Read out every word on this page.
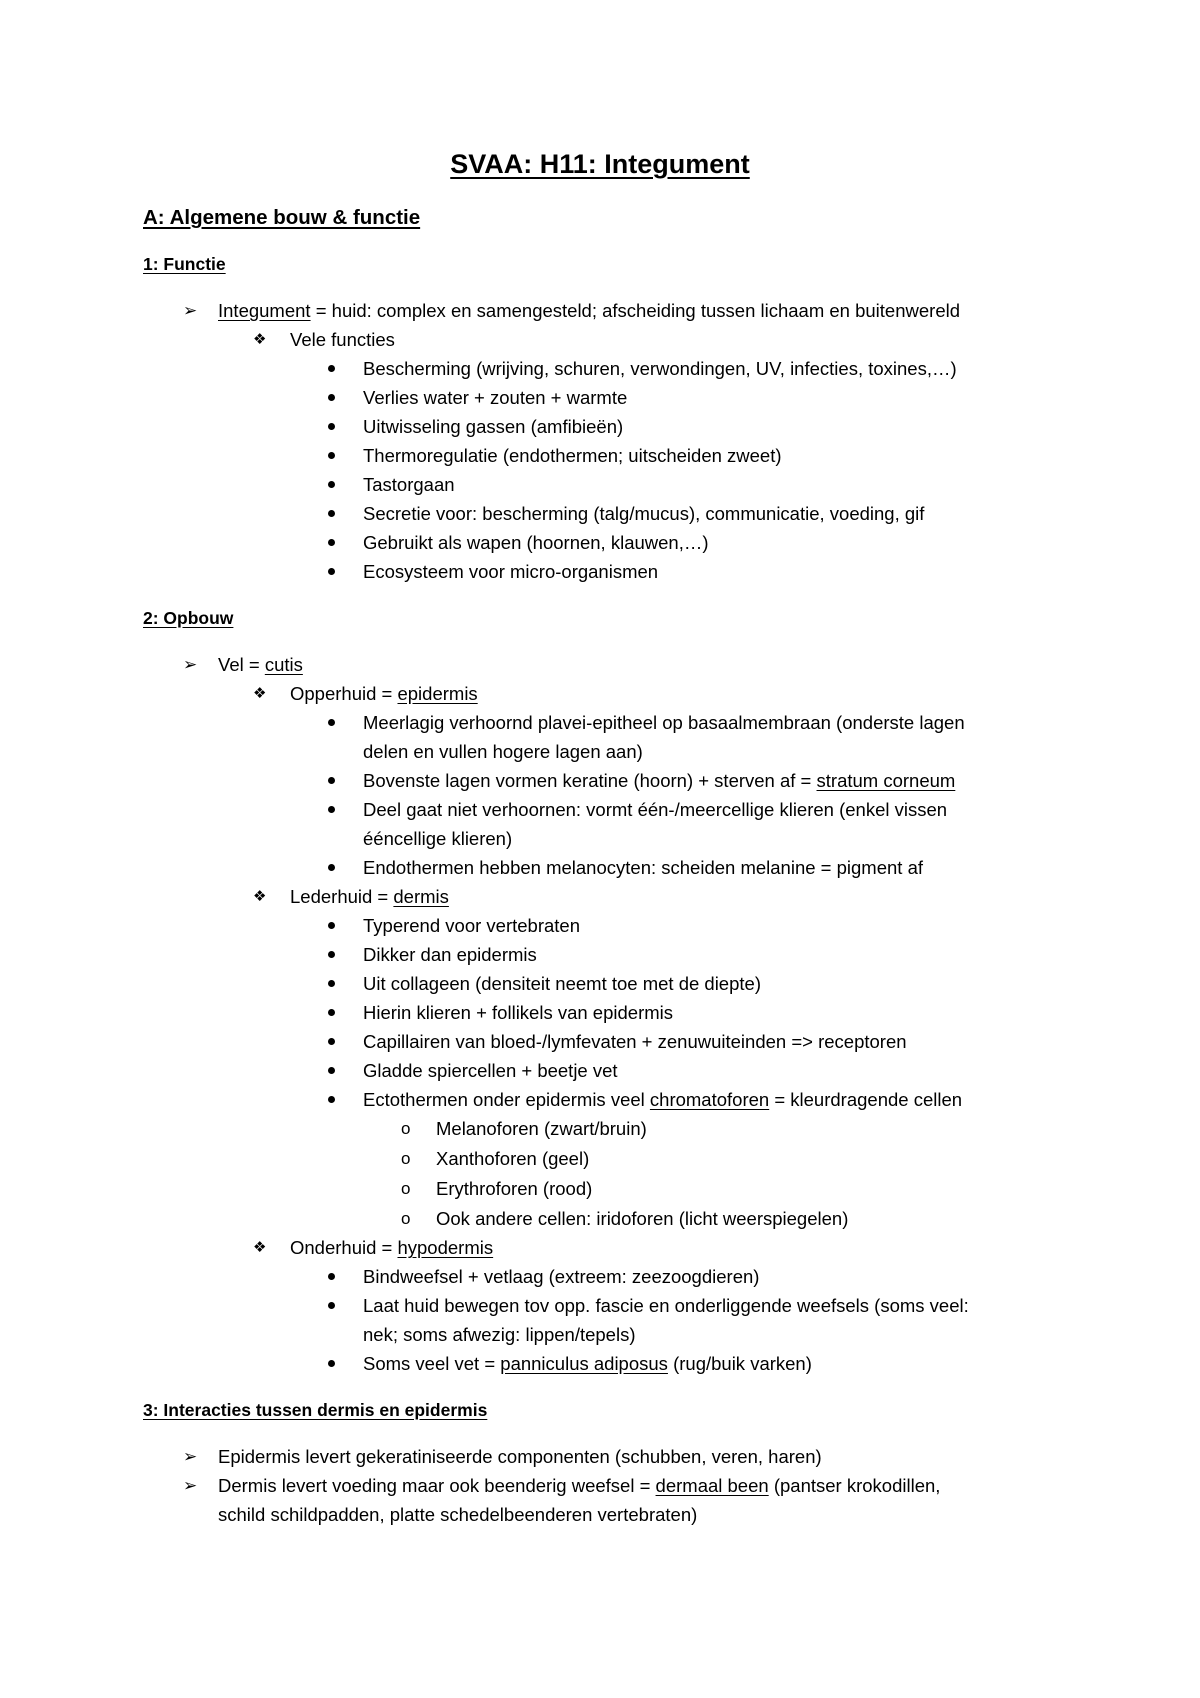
SVAA: H11: Integument
A: Algemene bouw & functie
1: Functie
➢ Integument = huid: complex en samengesteld; afscheiding tussen lichaam en buitenwereld
❖ Vele functies
Bescherming (wrijving, schuren, verwondingen, UV, infecties, toxines,…)
Verlies water + zouten + warmte
Uitwisseling gassen (amfibieën)
Thermoregulatie (endothermen; uitscheiden zweet)
Tastorgaan
Secretie voor: bescherming (talg/mucus), communicatie, voeding, gif
Gebruikt als wapen (hoornen, klauwen,…)
Ecosysteem voor micro-organismen
2: Opbouw
➢ Vel = cutis
❖ Opperhuid = epidermis
Meerlagig verhoornd plavei-epitheel op basaalmembraan (onderste lagen
delen en vullen hogere lagen aan)
Bovenste lagen vormen keratine (hoorn) + sterven af = stratum corneum
Deel gaat niet verhoornen: vormt één-/meercellige klieren (enkel vissen
ééncellige klieren)
Endothermen hebben melanocyten: scheiden melanine = pigment af
❖ Lederhuid = dermis
Typerend voor vertebraten
Dikker dan epidermis
Uit collageen (densiteit neemt toe met de diepte)
Hierin klieren + follikels van epidermis
Capillairen van bloed-/lymfevaten + zenuwuiteinden => receptoren
Gladde spiercellen + beetje vet
Ectothermen onder epidermis veel chromatoforen = kleurdragende cellen
o Melanoforen (zwart/bruin)
o Xanthoforen (geel)
o Erythroforen (rood)
o Ook andere cellen: iridoforen (licht weerspiegelen)
❖ Onderhuid = hypodermis
Bindweefsel + vetlaag (extreem: zeezoogdieren)
Laat huid bewegen tov opp. fascie en onderliggende weefsels (soms veel:
nek; soms afwezig: lippen/tepels)
Soms veel vet = panniculus adiposus (rug/buik varken)
3: Interacties tussen dermis en epidermis
➢ Epidermis levert gekeratiniseerde componenten (schubben, veren, haren)
➢ Dermis levert voeding maar ook beenderig weefsel = dermaal been (pantser krokodillen,
schild schildpadden, platte schedelbeenderen vertebraten)
